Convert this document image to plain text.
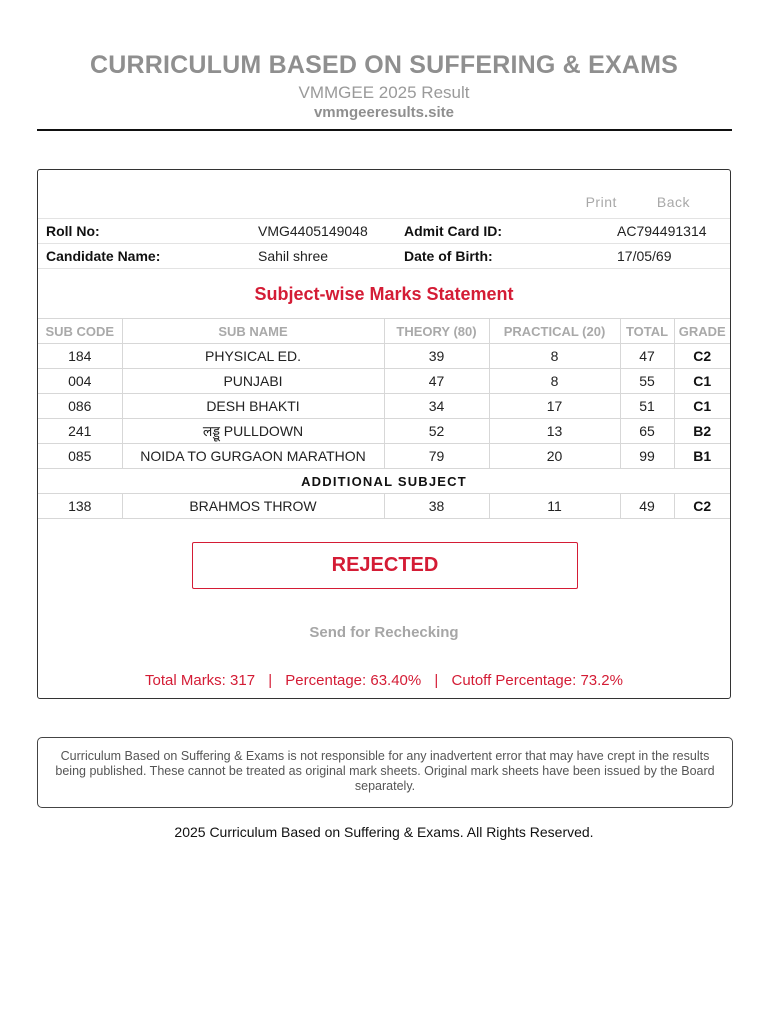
CURRICULUM BASED ON SUFFERING & EXAMS
VMMGEE 2025 Result
vmmgeeresults.site
Print	Back
Roll No:	VMG4405149048	Admit Card ID:	AC794491314
Candidate Name:	Sahil shree	Date of Birth:	17/05/69
Subject-wise Marks Statement
SUB CODE	SUB NAME	THEORY (80)	PRACTICAL (20)	TOTAL	GRADE
184	PHYSICAL ED.	39	8	47	C2
004	PUNJABI	47	8	55	C1
086	DESH BHAKTI	34	17	51	C1
241	लड्डू PULLDOWN	52	13	65	B2
085	NOIDA TO GURGAON MARATHON	79	20	99	B1
ADDITIONAL SUBJECT					
138	BRAHMOS THROW	38	11	49	C2
REJECTED
Send for Rechecking
Total Marks: 317 | Percentage: 63.40% | Cutoff Percentage: 73.2%
Curriculum Based on Suffering & Exams is not responsible for any inadvertent error that may have crept in the results being published. These cannot be treated as original mark sheets. Original mark sheets have been issued by the Board separately.
2025 Curriculum Based on Suffering & Exams. All Rights Reserved.
